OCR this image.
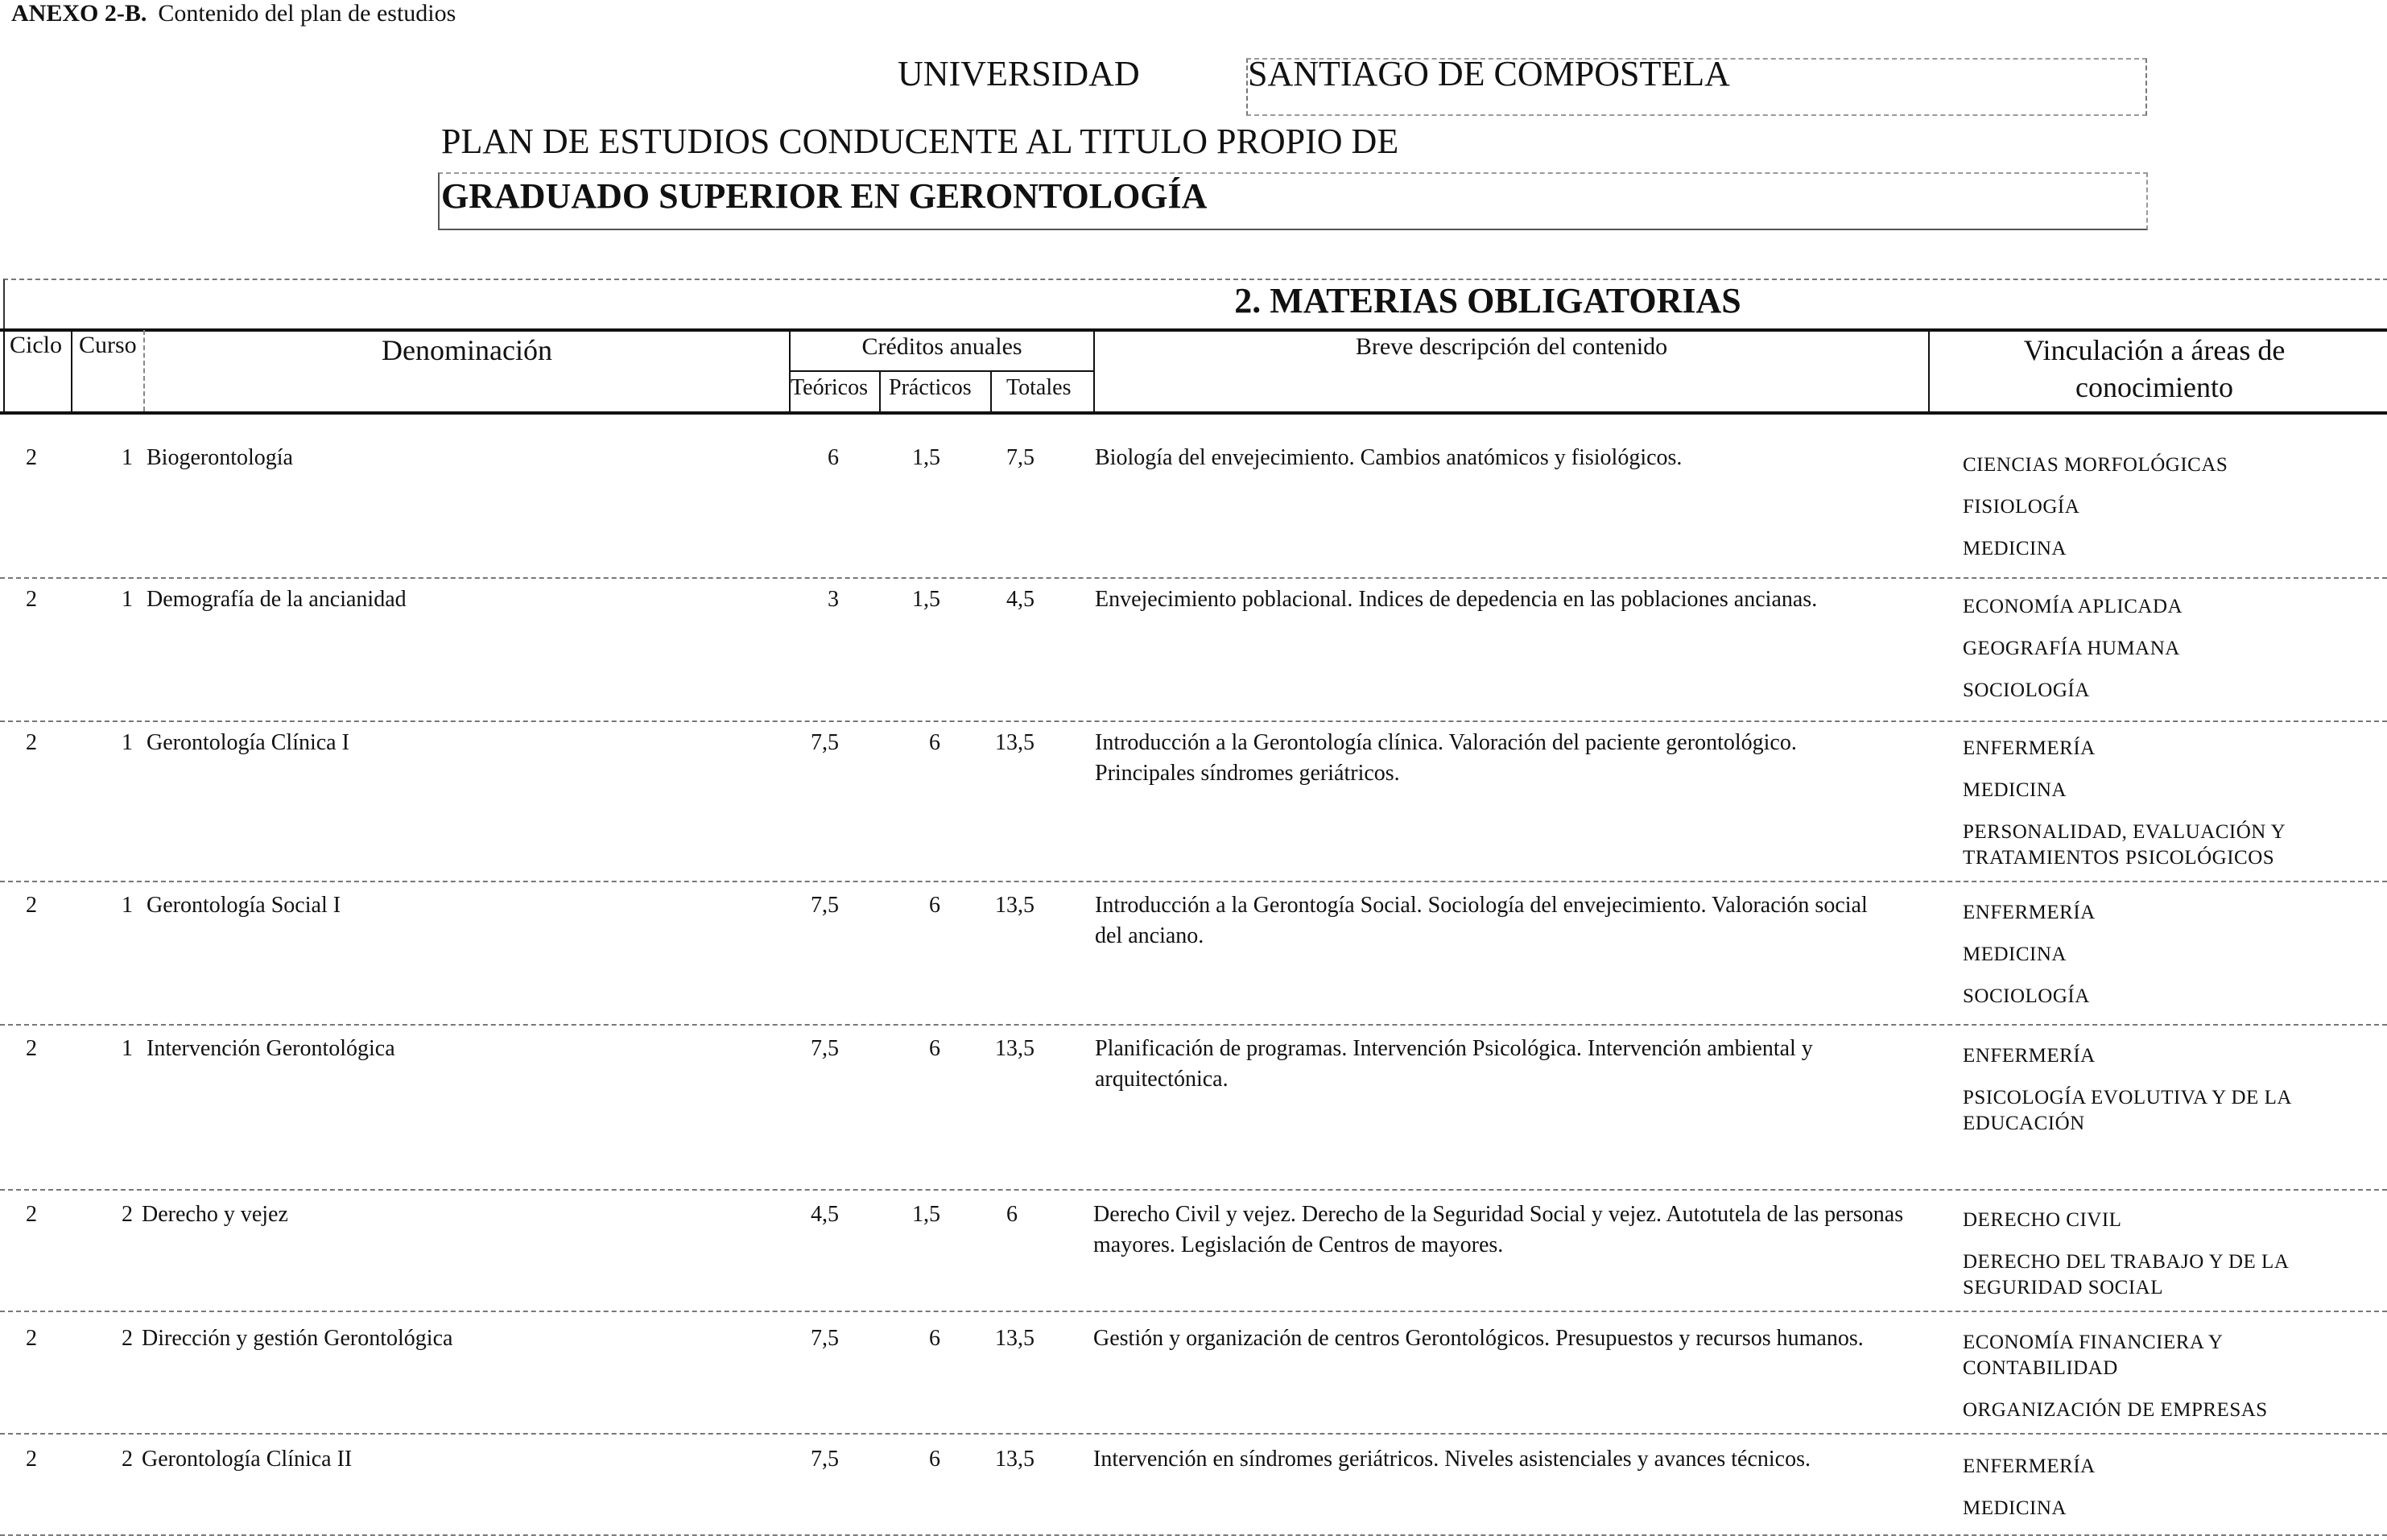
ANEXO 2-B. Contenido del plan de estudios
UNIVERSIDAD	SANTIAGO DE COMPOSTELA
PLAN DE ESTUDIOS CONDUCENTE AL TITULO PROPIO DE
GRADUADO SUPERIOR EN GERONTOLOGÍA
2. MATERIAS OBLIGATORIAS
Ciclo Curso	Denominación	Créditos anuales
Teóricos Prácticos Totales
Breve descripción del contenido	Vinculación a áreas de
conocimiento
2	1 Biogerontología	6	1,5	7,5	Biología del envejecimiento. Cambios anatómicos y fisiológicos.	CIENCIAS MORFOLÓGICAS
FISIOLOGÍA
MEDICINA
2	1 Demografía de la ancianidad	3	1,5	4,5	Envejecimiento poblacional. Indices de depedencia en las poblaciones ancianas.	ECONOMÍA APLICADA
GEOGRAFÍA HUMANA
SOCIOLOGÍA
2	1 Gerontología Clínica I	7,5	6	13,5	Introducción a la Gerontología clínica. Valoración del paciente gerontológico. Principales síndromes geriátricos.
ENFERMERÍA
MEDICINA
PERSONALIDAD, EVALUACIÓN Y TRATAMIENTOS PSICOLÓGICOS
2	1 Gerontología Social I	7,5	6	13,5	Introducción a la Gerontogía Social. Sociología del envejecimiento. Valoración social del anciano.
ENFERMERÍA
MEDICINA
SOCIOLOGÍA
2	1 Intervención Gerontológica	7,5	6	13,5	Planificación de programas. Intervención Psicológica. Intervención ambiental y arquitectónica.
ENFERMERÍA
PSICOLOGÍA EVOLUTIVA Y DE LA EDUCACIÓN
2	2 Derecho y vejez	4,5	1,5	6	Derecho Civil y vejez. Derecho de la Seguridad Social y vejez. Autotutela de las personas mayores. Legislación de Centros de mayores.
DERECHO CIVIL
DERECHO DEL TRABAJO Y DE LA SEGURIDAD SOCIAL
2	2 Dirección y gestión Gerontológica	7,5	6	13,5	Gestión y organización de centros Gerontológicos. Presupuestos y recursos humanos.	ECONOMÍA FINANCIERA Y CONTABILIDAD
ORGANIZACIÓN DE EMPRESAS
2	2 Gerontología Clínica II	7,5	6	13,5	Intervención en síndromes geriátricos. Niveles asistenciales y avances técnicos.	ENFERMERÍA
MEDICINA
